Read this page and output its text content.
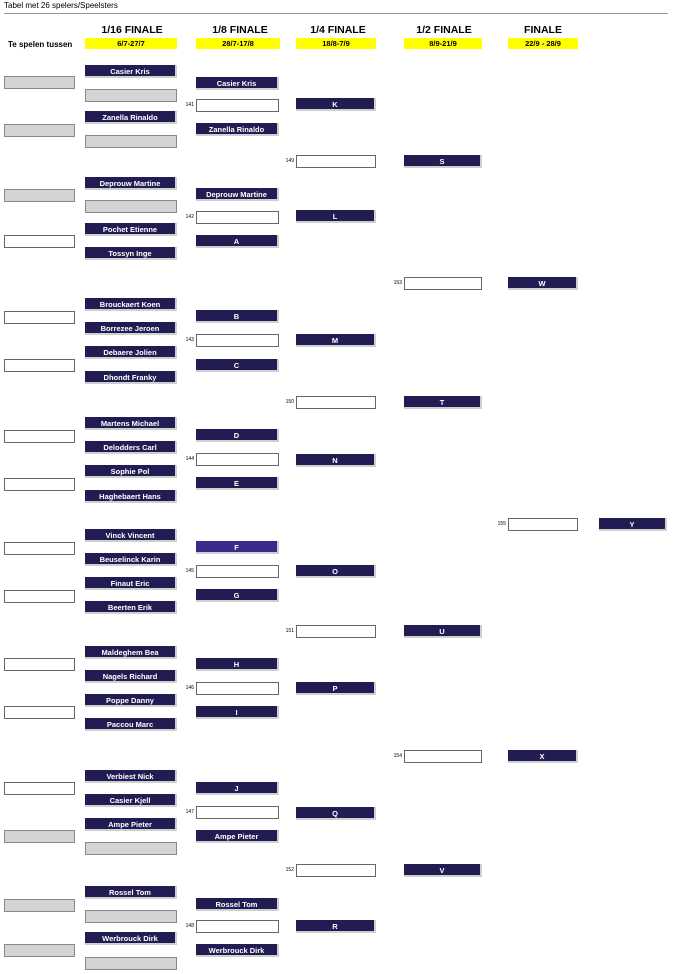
Tabel met 26 spelers/Speelsters
Te spelen tussen
1/16 FINALE	1/8 FINALE	1/4 FINALE	1/2 FINALE	FINALE
6/7-27/7	28/7-17/8	18/8-7/9	8/9-21/9	22/9 - 28/9
Casier Kris
Zanella Rinaldo
Deprouw Martine
Pochet Etienne
Tossyn Inge
Brouckaert Koen
Borrezee Jeroen
Debaere Jolien
Dhondt Franky
Martens Michael
Delodders Carl
Sophie Pol
Haghebaert Hans
Vinck Vincent
Beuselinck Karin
Finaut Eric
Beerten Erik
Maldeghem Bea
Nagels Richard
Poppe Danny
Paccou Marc
Verbiest Nick
Casier Kjell
Ampe Pieter
Rossel Tom
Werbrouck Dirk
Casier Kris
141
Zanella Rinaldo
Deprouw Martine
142
A
B
143
C
D
144
E
F
145
G
H
146
I
J
147
Ampe Pieter
Rossel Tom
148
Werbrouck Dirk
K
149
L
M
150
N
O
151
P
Q
152
R
S
153
T
U
154
V
W
155
X
Y
